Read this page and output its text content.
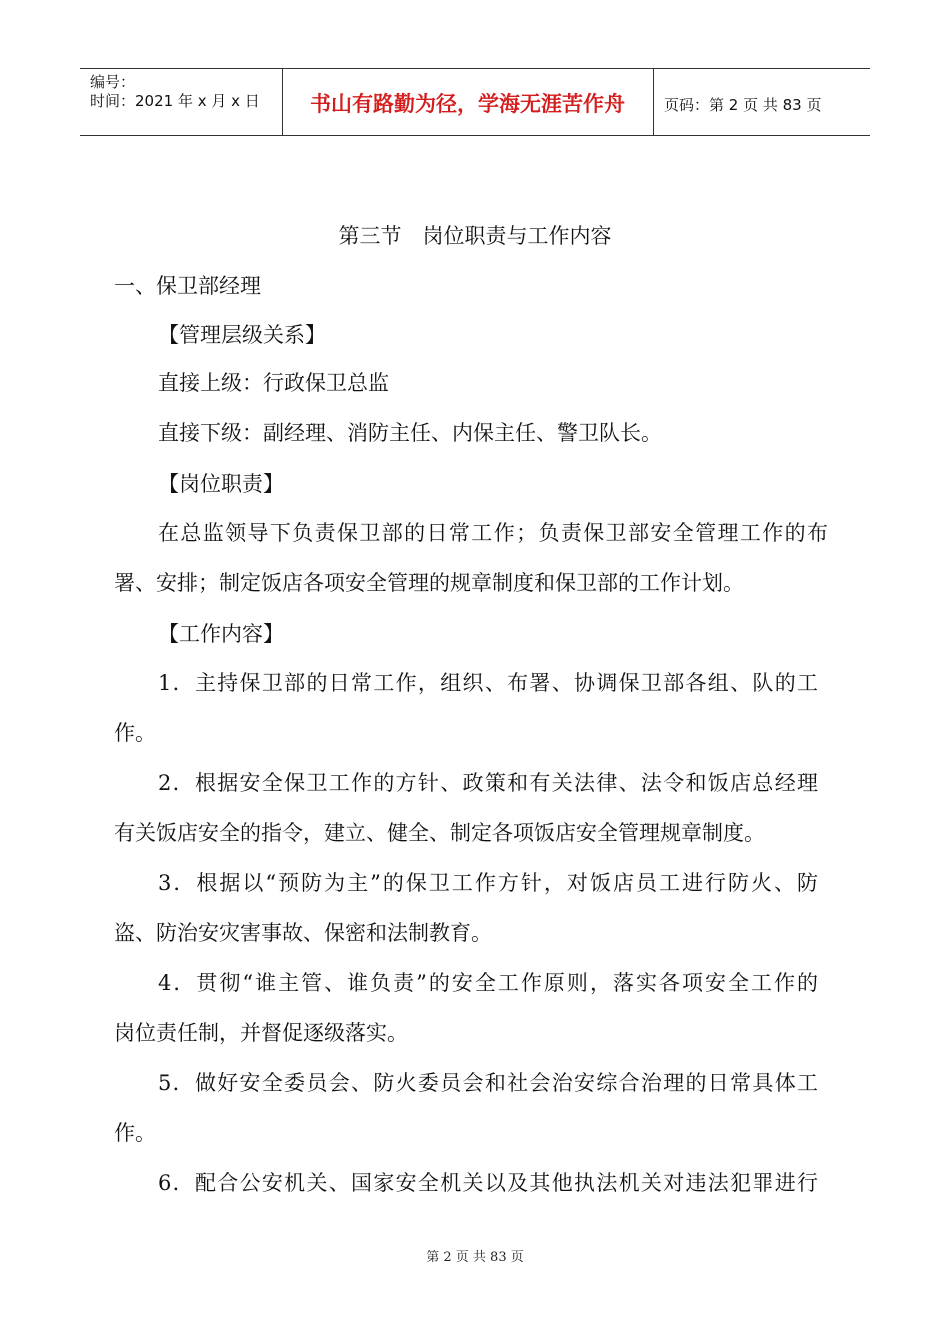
编号：
时间：2021 年 x 月 x 日	书山有路勤为径，学海无涯苦作舟	页码：第 2 页 共 83 页
第三节　岗位职责与工作内容
一、保卫部经理
【管理层级关系】
直接上级：行政保卫总监
直接下级：副经理、消防主任、内保主任、警卫队长。
【岗位职责】
在总监领导下负责保卫部的日常工作；负责保卫部安全管理工作的布
署、安排；制定饭店各项安全管理的规章制度和保卫部的工作计划。
【工作内容】
1．主持保卫部的日常工作，组织、布署、协调保卫部各组、队的工
作。
2．根据安全保卫工作的方针、政策和有关法律、法令和饭店总经理
有关饭店安全的指令，建立、健全、制定各项饭店安全管理规章制度。
3．根据以“预防为主”的保卫工作方针，对饭店员工进行防火、防
盗、防治安灾害事故、保密和法制教育。
4．贯彻“谁主管、谁负责”的安全工作原则，落实各项安全工作的
岗位责任制，并督促逐级落实。
5．做好安全委员会、防火委员会和社会治安综合治理的日常具体工
作。
6．配合公安机关、国家安全机关以及其他执法机关对违法犯罪进行
第 2 页 共 83 页
